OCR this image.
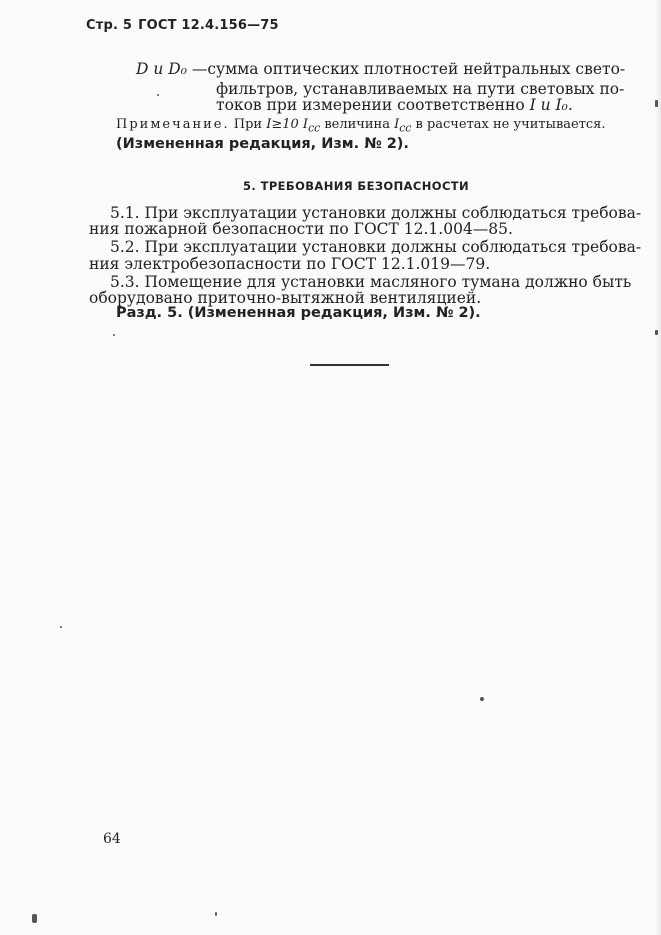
Стр. 5 ГОСТ 12.4.156—75
D и D₀ —сумма оптических плотностей нейтральных свето-
фильтров, устанавливаемых на пути световых по-
токов при измерении соответственно I и I₀.
Примечание. При I≥10 $I_{сс}$ величина $I_{сс}$ в расчетах не учитывается.
(Измененная редакция, Изм. № 2).
5. ТРЕБОВАНИЯ БЕЗОПАСНОСТИ
5.1. При эксплуатации установки должны соблюдаться требова-
ния пожарной безопасности по ГОСТ 12.1.004—85.
5.2. При эксплуатации установки должны соблюдаться требова-
ния электробезопасности по ГОСТ 12.1.019—79.
5.3. Помещение для установки масляного тумана должно быть
оборудовано приточно-вытяжной вентиляцией.
Разд. 5. (Измененная редакция, Изм. № 2).
64
